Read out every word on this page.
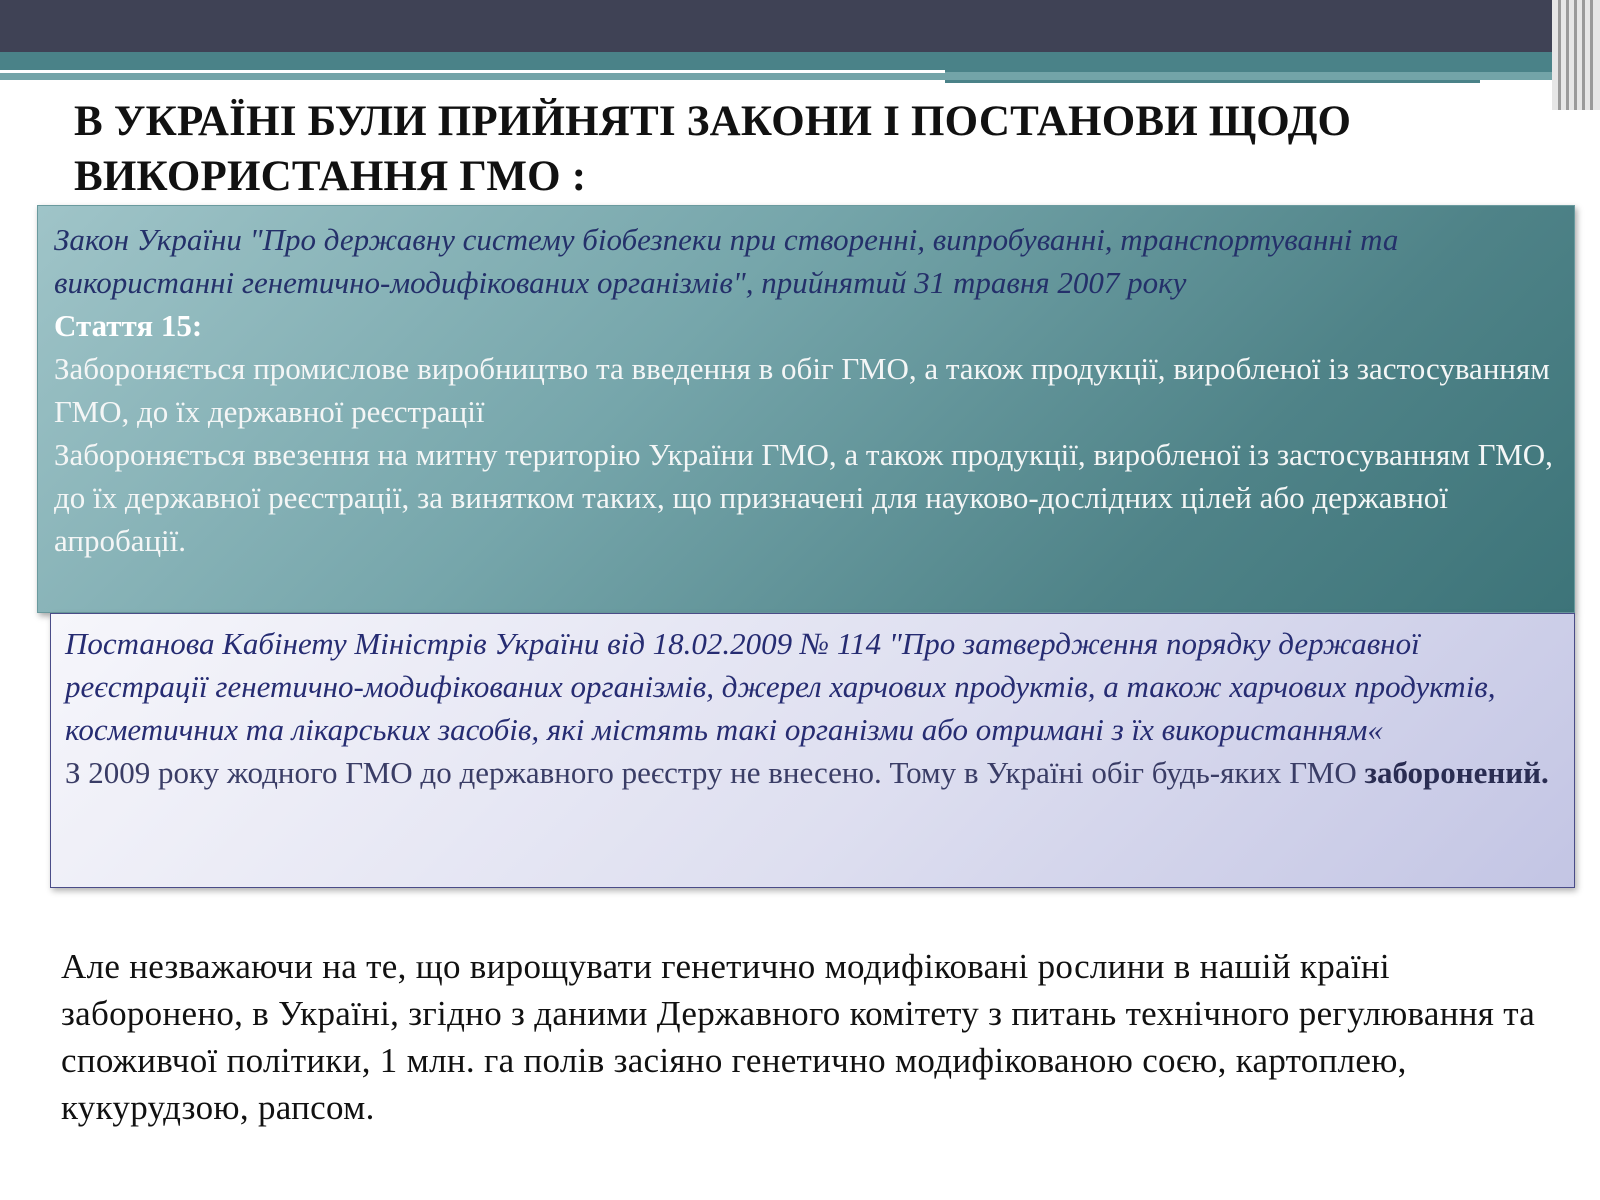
В УКРАЇНІ БУЛИ ПРИЙНЯТІ ЗАКОНИ І ПОСТАНОВИ ЩОДО ВИКОРИСТАННЯ ГМО :
Закон України "Про державну систему біобезпеки при створенні, випробуванні, транспортуванні та використанні генетично-модифікованих організмів", прийнятий 31 травня 2007 року
Стаття 15:
Забороняється промислове виробництво та введення в обіг ГМО, а також продукції, виробленої із застосуванням ГМО, до їх державної реєстрації
Забороняється ввезення на митну територію України ГМО, а також продукції, виробленої із застосуванням ГМО, до їх державної реєстрації, за винятком таких, що призначені для науково-дослідних цілей або державної апробації.
Постанова Кабінету Міністрів України від 18.02.2009 № 114 "Про затвердження порядку державної реєстрації генетично-модифікованих організмів, джерел харчових продуктів, а також харчових продуктів, косметичних та лікарських засобів, які містять такі організми або отримані з їх використанням«
З 2009 року жодного ГМО до державного реєстру не внесено. Тому в Україні обіг будь-яких ГМО заборонений.
Але незважаючи на те, що вирощувати генетично модифіковані рослини в нашій країні заборонено, в Україні, згідно з даними Державного комітету з питань технічного регулювання та споживчої політики, 1 млн. га полів засіяно генетично модифікованою соєю, картоплею, кукурудзою, рапсом.
